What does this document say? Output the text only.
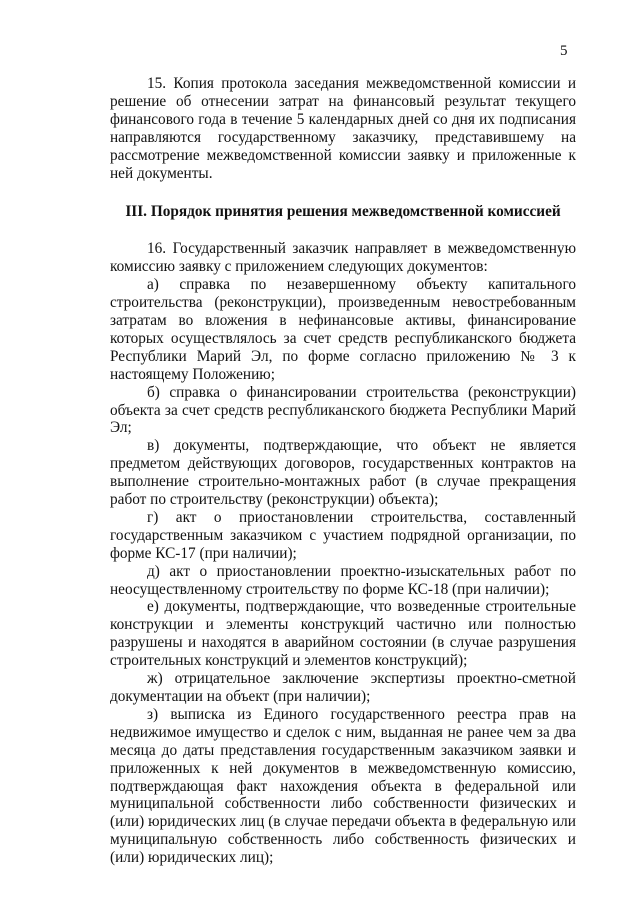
5

15. Копия протокола заседания межведомственной комиссии и решение об отнесении затрат на финансовый результат текущего финансового года в течение 5 календарных дней со дня их подписания направляются государственному заказчику, представившему на рассмотрение межведомственной комиссии заявку и приложенные к ней документы.

III. Порядок принятия решения межведомственной комиссией

16. Государственный заказчик направляет в межведомственную комиссию заявку с приложением следующих документов:

а) справка по незавершенному объекту капитального строительства (реконструкции), произведенным невостребованным затратам во вложения в нефинансовые активы, финансирование которых осуществлялось за счет средств республиканского бюджета Республики Марий Эл, по форме согласно приложению № 3 к настоящему Положению;

б) справка о финансировании строительства (реконструкции) объекта за счет средств республиканского бюджета Республики Марий Эл;

в) документы, подтверждающие, что объект не является предметом действующих договоров, государственных контрактов на выполнение строительно-монтажных работ (в случае прекращения работ по строительству (реконструкции) объекта);

г) акт о приостановлении строительства, составленный государственным заказчиком с участием подрядной организации, по форме КС-17 (при наличии);

д) акт о приостановлении проектно-изыскательных работ по неосуществленному строительству по форме КС-18 (при наличии);

е) документы, подтверждающие, что возведенные строительные конструкции и элементы конструкций частично или полностью разрушены и находятся в аварийном состоянии (в случае разрушения строительных конструкций и элементов конструкций);

ж) отрицательное заключение экспертизы проектно-сметной документации на объект (при наличии);

з) выписка из Единого государственного реестра прав на недвижимое имущество и сделок с ним, выданная не ранее чем за два месяца до даты представления государственным заказчиком заявки и приложенных к ней документов в межведомственную комиссию, подтверждающая факт нахождения объекта в федеральной или муниципальной собственности либо собственности физических и (или) юридических лиц (в случае передачи объекта в федеральную или муниципальную собственность либо собственность физических и (или) юридических лиц);
